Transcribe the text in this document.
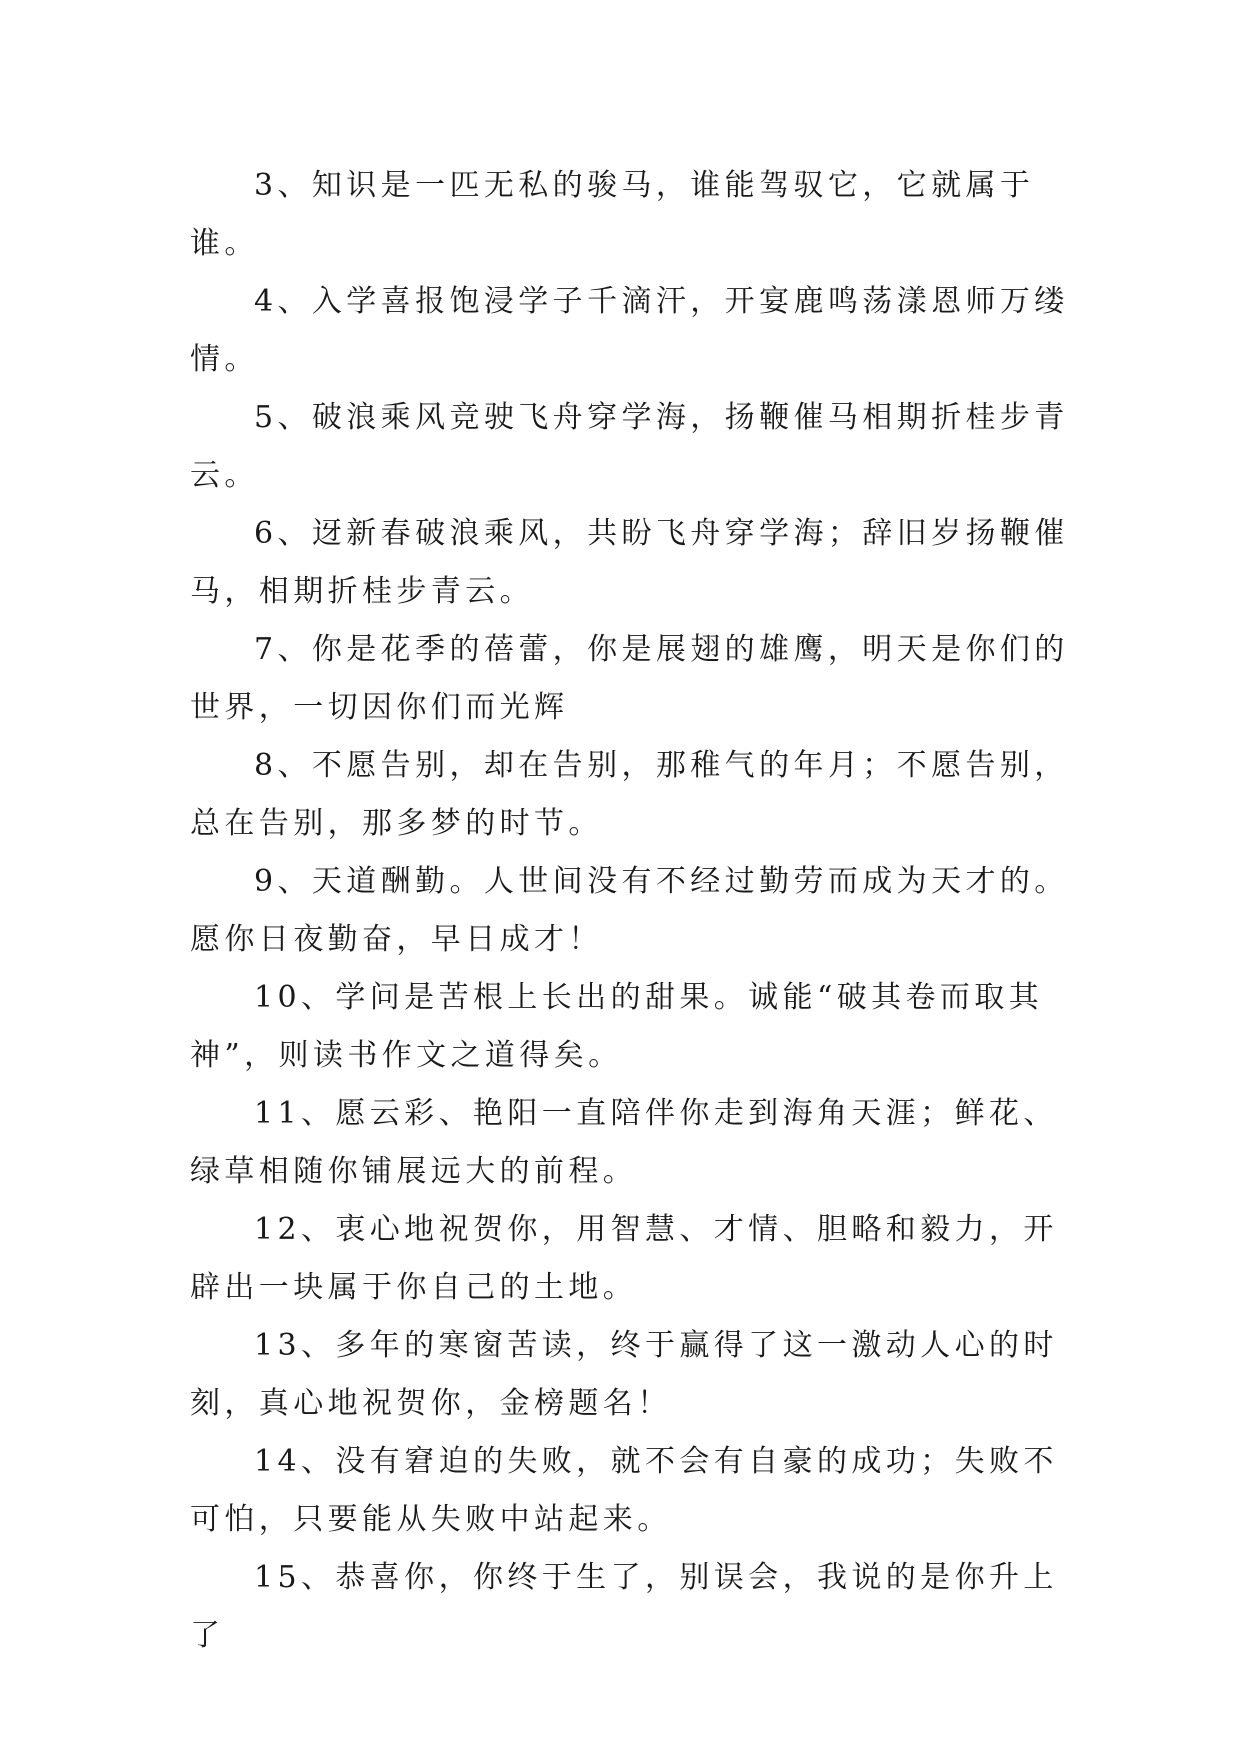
3、知识是一匹无私的骏马，谁能驾驭它，它就属于谁。

4、入学喜报饱浸学子千滴汗，开宴鹿鸣荡漾恩师万缕情。

5、破浪乘风竞驶飞舟穿学海，扬鞭催马相期折桂步青云。

6、迓新春破浪乘风，共盼飞舟穿学海；辞旧岁扬鞭催马，相期折桂步青云。

7、你是花季的蓓蕾，你是展翅的雄鹰，明天是你们的世界，一切因你们而光辉

8、不愿告别，却在告别，那稚气的年月；不愿告别，总在告别，那多梦的时节。

9、天道酬勤。人世间没有不经过勤劳而成为天才的。愿你日夜勤奋，早日成才！

10、学问是苦根上长出的甜果。诚能“破其卷而取其神”，则读书作文之道得矣。

11、愿云彩、艳阳一直陪伴你走到海角天涯；鲜花、绿草相随你铺展远大的前程。

12、衷心地祝贺你，用智慧、才情、胆略和毅力，开辟出一块属于你自己的土地。

13、多年的寒窗苦读，终于赢得了这一激动人心的时刻，真心地祝贺你，金榜题名！

14、没有窘迫的失败，就不会有自豪的成功；失败不可怕，只要能从失败中站起来。

15、恭喜你，你终于生了，别误会，我说的是你升上了
